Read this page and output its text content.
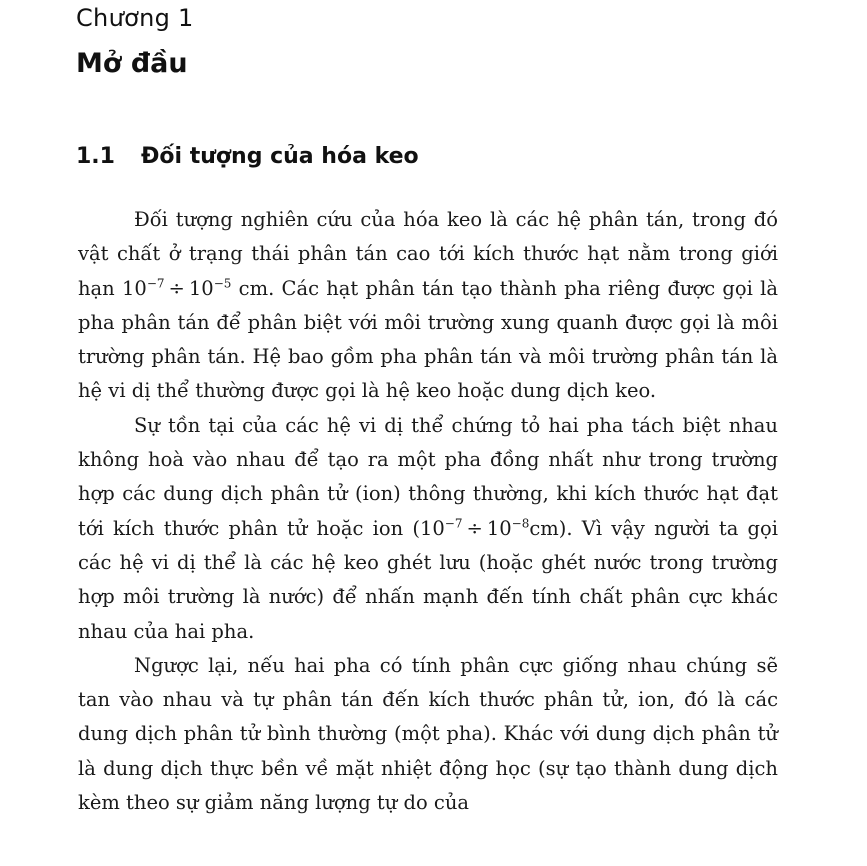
Chương 1
Mở đầu
1.1 Đối tượng của hóa keo

Đối tượng nghiên cứu của hóa keo là các hệ phân tán, trong đó vật chất ở trạng thái phân tán cao tới kích thước hạt nằm trong giới hạn $10^{-7} \div 10^{-5}$ cm. Các hạt phân tán tạo thành pha riêng được gọi là pha phân tán để phân biệt với môi trường xung quanh được gọi là môi trường phân tán. Hệ bao gồm pha phân tán và môi trường phân tán là hệ vi dị thể thường được gọi là hệ keo hoặc dung dịch keo.

Sự tồn tại của các hệ vi dị thể chứng tỏ hai pha tách biệt nhau không hoà vào nhau để tạo ra một pha đồng nhất như trong trường hợp các dung dịch phân tử (ion) thông thường, khi kích thước hạt đạt tới kích thước phân tử hoặc ion $(10^{-7} \div 10^{-8}cm)$. Vì vậy người ta gọi các hệ vi dị thể là các hệ keo ghét lưu (hoặc ghét nước trong trường hợp môi trường là nước) để nhấn mạnh đến tính chất phân cực khác nhau của hai pha.

Ngược lại, nếu hai pha có tính phân cực giống nhau chúng sẽ tan vào nhau và tự phân tán đến kích thước phân tử, ion, đó là các dung dịch phân tử bình thường (một pha). Khác với dung dịch phân tử là dung dịch thực bền về mặt nhiệt động học (sự tạo thành dung dịch kèm theo sự giảm năng lượng tự do của
